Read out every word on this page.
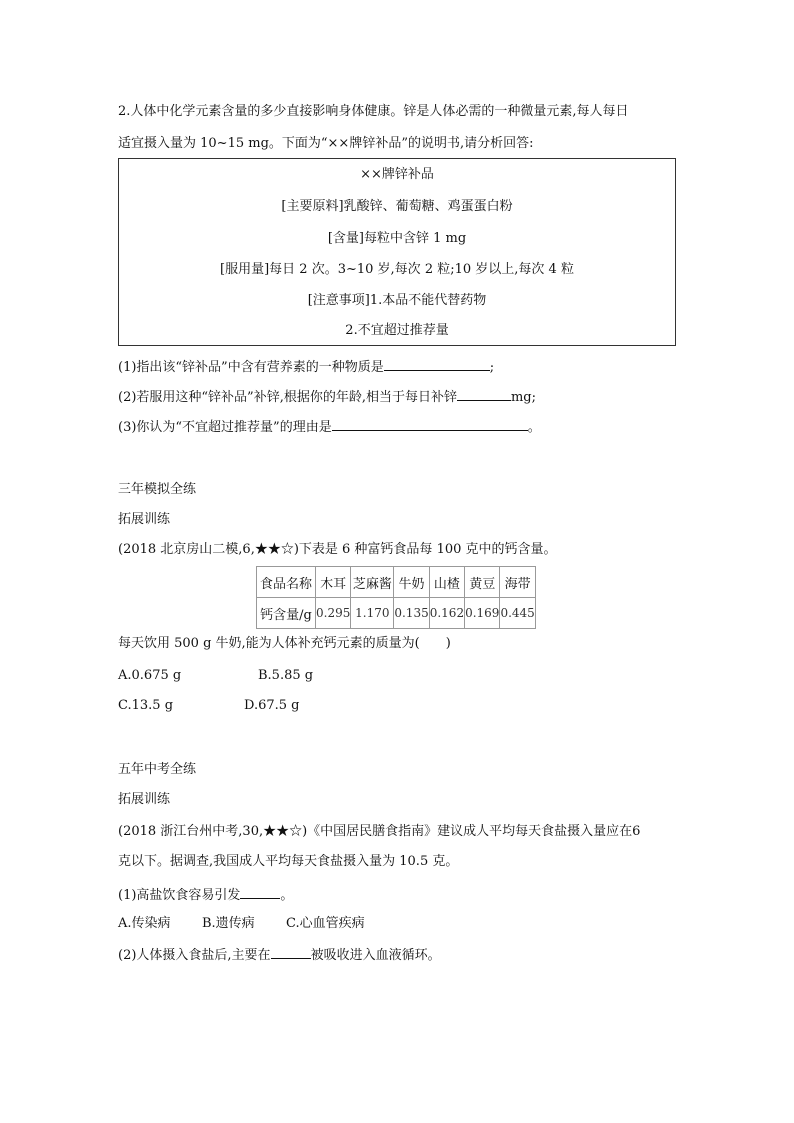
2.人体中化学元素含量的多少直接影响身体健康。锌是人体必需的一种微量元素,每人每日
适宜摄入量为 10~15 mg。下面为“××牌锌补品”的说明书,请分析回答:
××牌锌补品
[主要原料]乳酸锌、葡萄糖、鸡蛋蛋白粉
[含量]每粒中含锌 1 mg
[服用量]每日 2 次。3~10 岁,每次 2 粒;10 岁以上,每次 4 粒
[注意事项]1.本品不能代替药物
2.不宜超过推荐量
(1)指出该“锌补品”中含有营养素的一种物质是	;
(2)若服用这种“锌补品”补锌,根据你的年龄,相当于每日补锌	mg;
(3)你认为“不宜超过推荐量”的理由是	。
三年模拟全练
拓展训练
(2018 北京房山二模,6,★★☆)下表是 6 种富钙食品每 100 克中的钙含量。
食品名称	木耳	芝麻酱	牛奶	山楂	黄豆	海带
钙含量/g	0.295	1.170	0.135	0.162	0.169	0.445
每天饮用 500 g 牛奶,能为人体补充钙元素的质量为(　　)
A.0.675 g	B.5.85 g
C.13.5 g	D.67.5 g
五年中考全练
拓展训练
(2018 浙江台州中考,30,★★☆)《中国居民膳食指南》建议成人平均每天食盐摄入量应在6
克以下。据调查,我国成人平均每天食盐摄入量为 10.5 克。
(1)高盐饮食容易引发	。
A.传染病 B.遗传病 C.心血管疾病
(2)人体摄入食盐后,主要在	被吸收进入血液循环。
